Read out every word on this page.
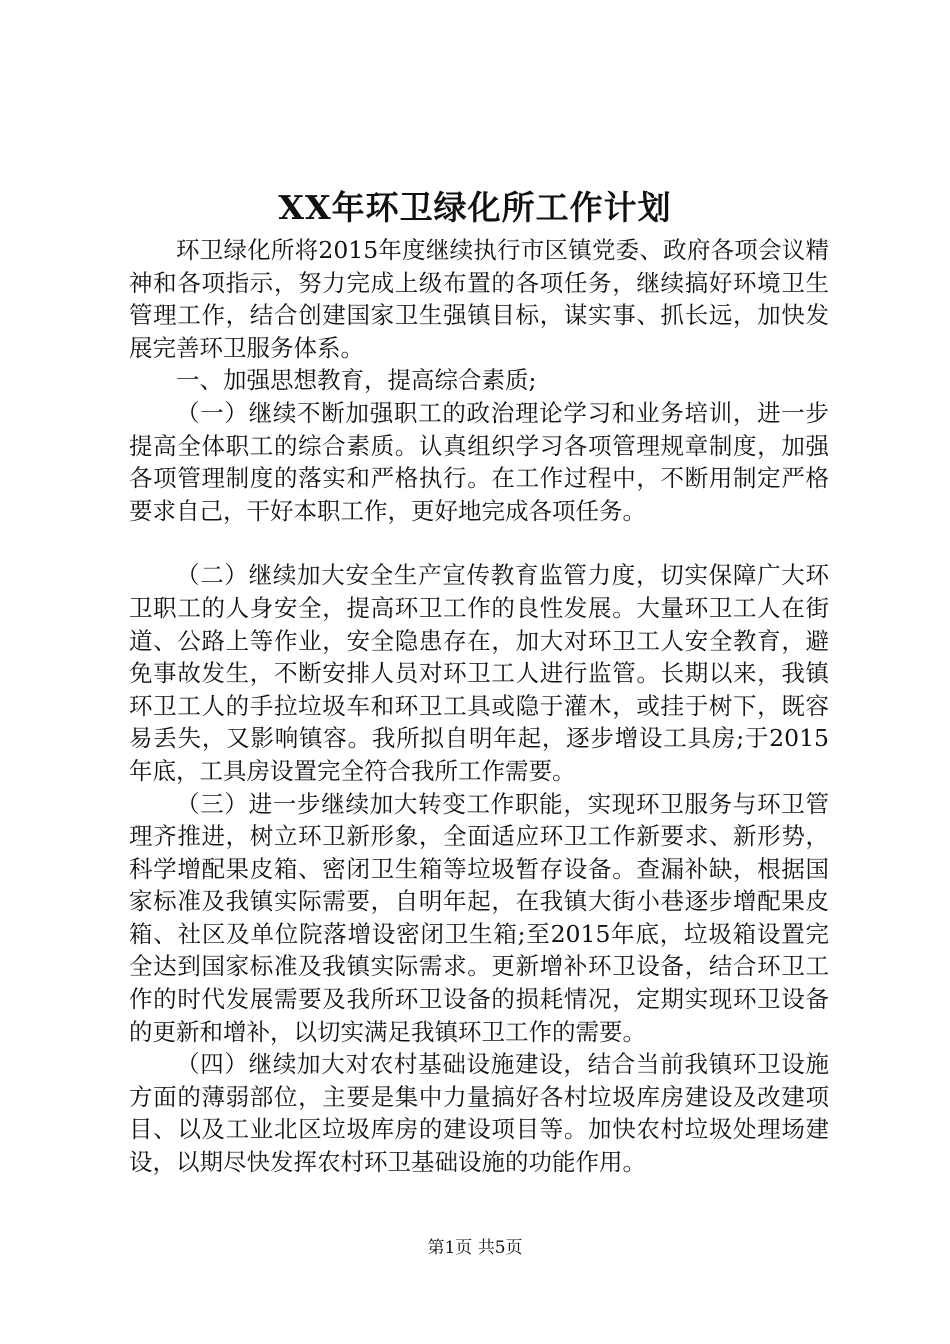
XX年环卫绿化所工作计划

环卫绿化所将2015年度继续执行市区镇党委、政府各项会议精神和各项指示，努力完成上级布置的各项任务，继续搞好环境卫生管理工作，结合创建国家卫生强镇目标，谋实事、抓长远，加快发展完善环卫服务体系。

一、加强思想教育，提高综合素质;

（一）继续不断加强职工的政治理论学习和业务培训，进一步提高全体职工的综合素质。认真组织学习各项管理规章制度，加强各项管理制度的落实和严格执行。在工作过程中，不断用制定严格要求自己，干好本职工作，更好地完成各项任务。

（二）继续加大安全生产宣传教育监管力度，切实保障广大环卫职工的人身安全，提高环卫工作的良性发展。大量环卫工人在街道、公路上等作业，安全隐患存在，加大对环卫工人安全教育，避免事故发生，不断安排人员对环卫工人进行监管。长期以来，我镇环卫工人的手拉垃圾车和环卫工具或隐于灌木，或挂于树下，既容易丢失，又影响镇容。我所拟自明年起，逐步增设工具房;于2015年底，工具房设置完全符合我所工作需要。

（三）进一步继续加大转变工作职能，实现环卫服务与环卫管理齐推进，树立环卫新形象，全面适应环卫工作新要求、新形势，科学增配果皮箱、密闭卫生箱等垃圾暂存设备。查漏补缺，根据国家标准及我镇实际需要，自明年起，在我镇大街小巷逐步增配果皮箱、社区及单位院落增设密闭卫生箱;至2015年底，垃圾箱设置完全达到国家标准及我镇实际需求。更新增补环卫设备，结合环卫工作的时代发展需要及我所环卫设备的损耗情况，定期实现环卫设备的更新和增补，以切实满足我镇环卫工作的需要。

（四）继续加大对农村基础设施建设，结合当前我镇环卫设施方面的薄弱部位，主要是集中力量搞好各村垃圾库房建设及改建项目、以及工业北区垃圾库房的建设项目等。加快农村垃圾处理场建设，以期尽快发挥农村环卫基础设施的功能作用。

第1页 共5页
